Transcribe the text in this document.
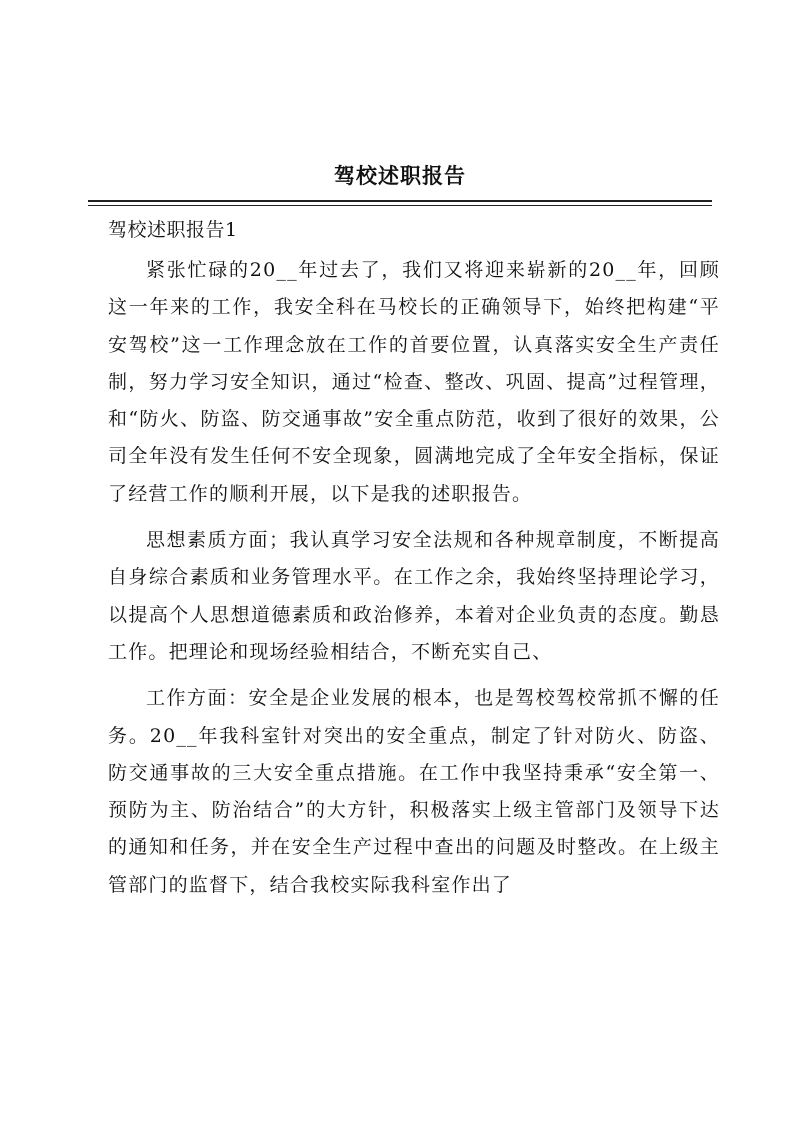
驾校述职报告
驾校述职报告1

紧张忙碌的20__年过去了，我们又将迎来崭新的20__年，回顾这一年来的工作，我安全科在马校长的正确领导下，始终把构建“平安驾校”这一工作理念放在工作的首要位置，认真落实安全生产责任制，努力学习安全知识，通过“检查、整改、巩固、提高”过程管理，和“防火、防盗、防交通事故”安全重点防范，收到了很好的效果，公司全年没有发生任何不安全现象，圆满地完成了全年安全指标，保证了经营工作的顺利开展，以下是我的述职报告。

思想素质方面；我认真学习安全法规和各种规章制度，不断提高自身综合素质和业务管理水平。在工作之余，我始终坚持理论学习，以提高个人思想道德素质和政治修养，本着对企业负责的态度。勤恳工作。把理论和现场经验相结合，不断充实自己、

工作方面：安全是企业发展的根本，也是驾校驾校常抓不懈的任务。20__年我科室针对突出的安全重点，制定了针对防火、防盗、防交通事故的三大安全重点措施。在工作中我坚持秉承“安全第一、预防为主、防治结合”的大方针，积极落实上级主管部门及领导下达的通知和任务，并在安全生产过程中查出的问题及时整改。在上级主管部门的监督下，结合我校实际我科室作出了
